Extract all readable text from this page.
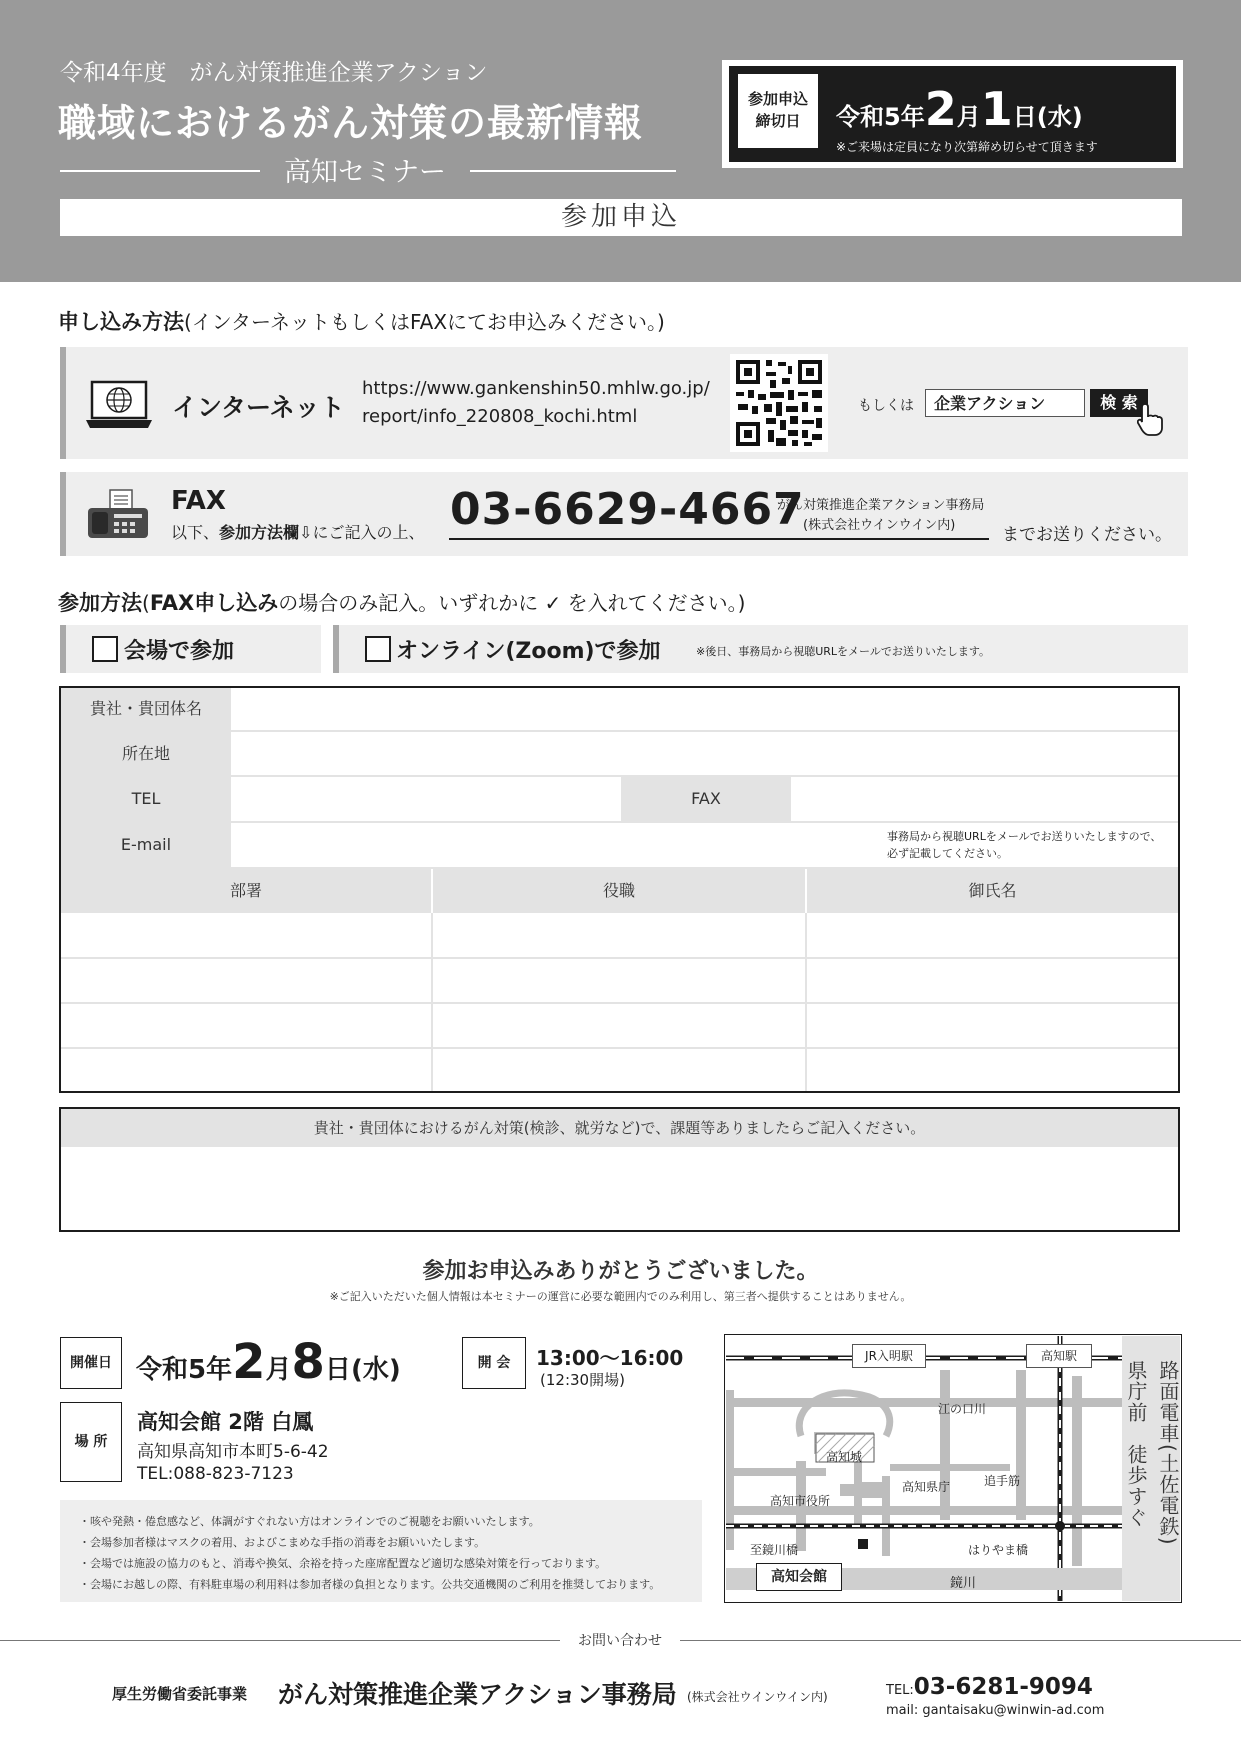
令和4年度　がん対策推進企業アクション
職域におけるがん対策の最新情報
高知セミナー
参加申込
締切日	令和5年2月1日(水)
※ご来場は定員になり次第締め切らせて頂きます
参加申込
申し込み方法(インターネットもしくはFAXにてお申込みください。)
インターネット
https://www.gankenshin50.mhlw.go.jp/
report/info_220808_kochi.html	もしくは	企業アクション	検 索
FAX
以下、参加方法欄⇩にご記入の上、 03-6629-4667
がん対策推進企業アクション事務局
(株式会社ウインウイン内)	までお送りください。
参加方法(FAX申し込みの場合のみ記入。いずれかに ✓ を入れてください。)
会場で参加	オンライン(Zoom)で参加	※後日、事務局から視聴URLをメールでお送りいたします。
貴社・貴団体名
所在地
TEL	FAX
E-mail	事務局から視聴URLをメールでお送りいたしますので、
必ず記載してください。
部署	役職	御氏名
貴社・貴団体におけるがん対策(検診、就労など)で、課題等ありましたらご記入ください。
参加お申込みありがとうございました。
※ご記入いただいた個人情報は本セミナーの運営に必要な範囲内でのみ利用し、第三者へ提供することはありません。
開催日 令和5年2月8日(水)	開 会	13:00〜16:00
(12:30開場)
場 所
高知会館 2階 白鳳
高知県高知市本町5-6-42
TEL:088-823-7123
・咳や発熱・倦怠感など、体調がすぐれない方はオンラインでのご視聴をお願いいたします。
・会場参加者様はマスクの着用、およびこまめな手指の消毒をお願いいたします。
・会場では施設の協力のもと、消毒や換気、余裕を持った座席配置など適切な感染対策を行っております。
・会場にお越しの際、有料駐車場の利用料は参加者様の負担となります。公共交通機関のご利用を推奨しております。
JR入明駅	高知駅
江の口川
高知城
高知県庁	追手筋
高知市役所
至鏡川橋	はりやま橋
高知会館	鏡川
路面電車(土佐電鉄)
県庁前　徒歩すぐ
お問い合わせ
厚生労働省委託事業 がん対策推進企業アクション事務局 (株式会社ウインウイン内)	TEL:03-6281-9094
mail: gantaisaku@winwin-ad.com
